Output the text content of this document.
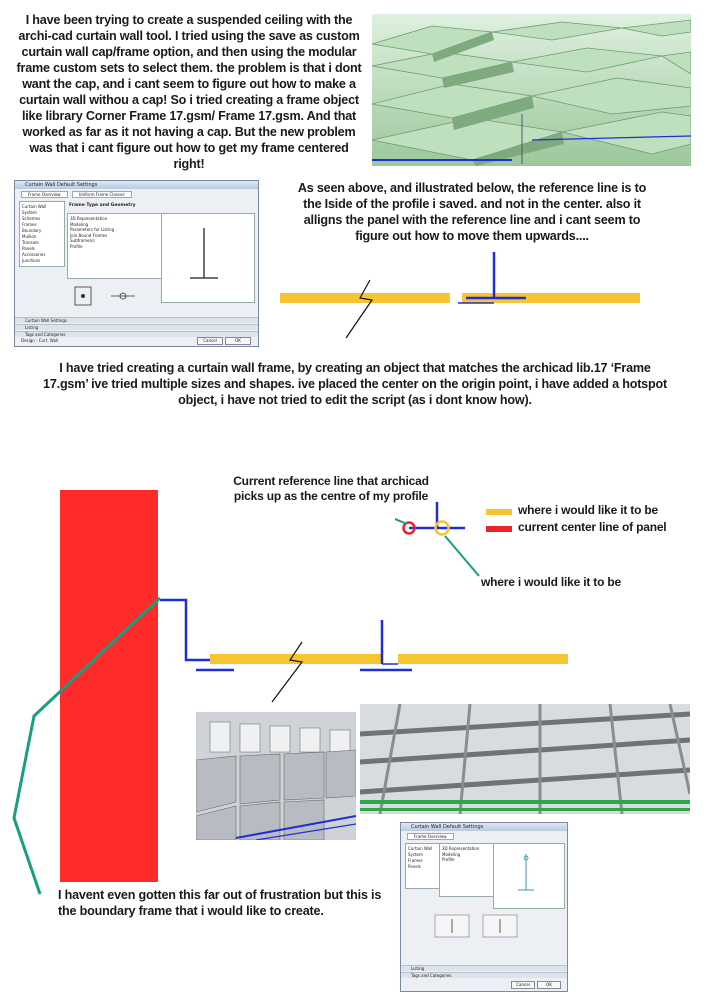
I have been trying to create a suspended ceiling with the archi-cad curtain wall tool. I tried using the save as custom curtain wall cap/frame option, and then using the modular frame custom sets to select them. the problem is that i dont want the cap, and i cant seem to figure out how to make a curtain wall withou a cap! So i tried creating a frame object like library Corner Frame 17.gsm/ Frame 17.gsm. And that worked as far as it not having a cap. But the new problem was that i cant figure out how to get my frame centered right!
Curtain Wall Default Settings
Frame Overview	Uniform Frame Classes
Curtain Wall System
Schemes
Frames
Boundary
Mullion
Transom
Panels
Accessories
Junctions
Frame Type and Geometry
3D Representation
Modeling
Parameters for Listing
Join Bound Frames
Subframe(s)
Profile
Curtain Wall Settings
Listing
Tags and Categories
Design : Curt. Wall	Cancel	OK
As seen above, and illustrated below, the reference line is to the Iside of the profile i saved. and not in the center. also it alligns the panel with the reference line and i cant seem to figure out how to move them upwards....
I have tried creating a curtain wall frame, by creating an object that matches the archicad lib.17 ‘Frame 17.gsm’ ive tried multiple sizes and shapes. ive placed the center on the origin point, i have added a hotspot object, i have not tried to edit the script (as i dont know how).
Current reference line that archicad picks up as the centre of my profile
where i would like it to be
current center line of panel
where i would like it to be
Curtain Wall Default Settings
Frame Overview
Curtain Wall System
Frames
Panels
3D Representation
Modeling
Profile
Listing
Tags and Categories
Cancel	OK
I havent even gotten this far out of frustration but this is the boundary frame that i would like to create.
